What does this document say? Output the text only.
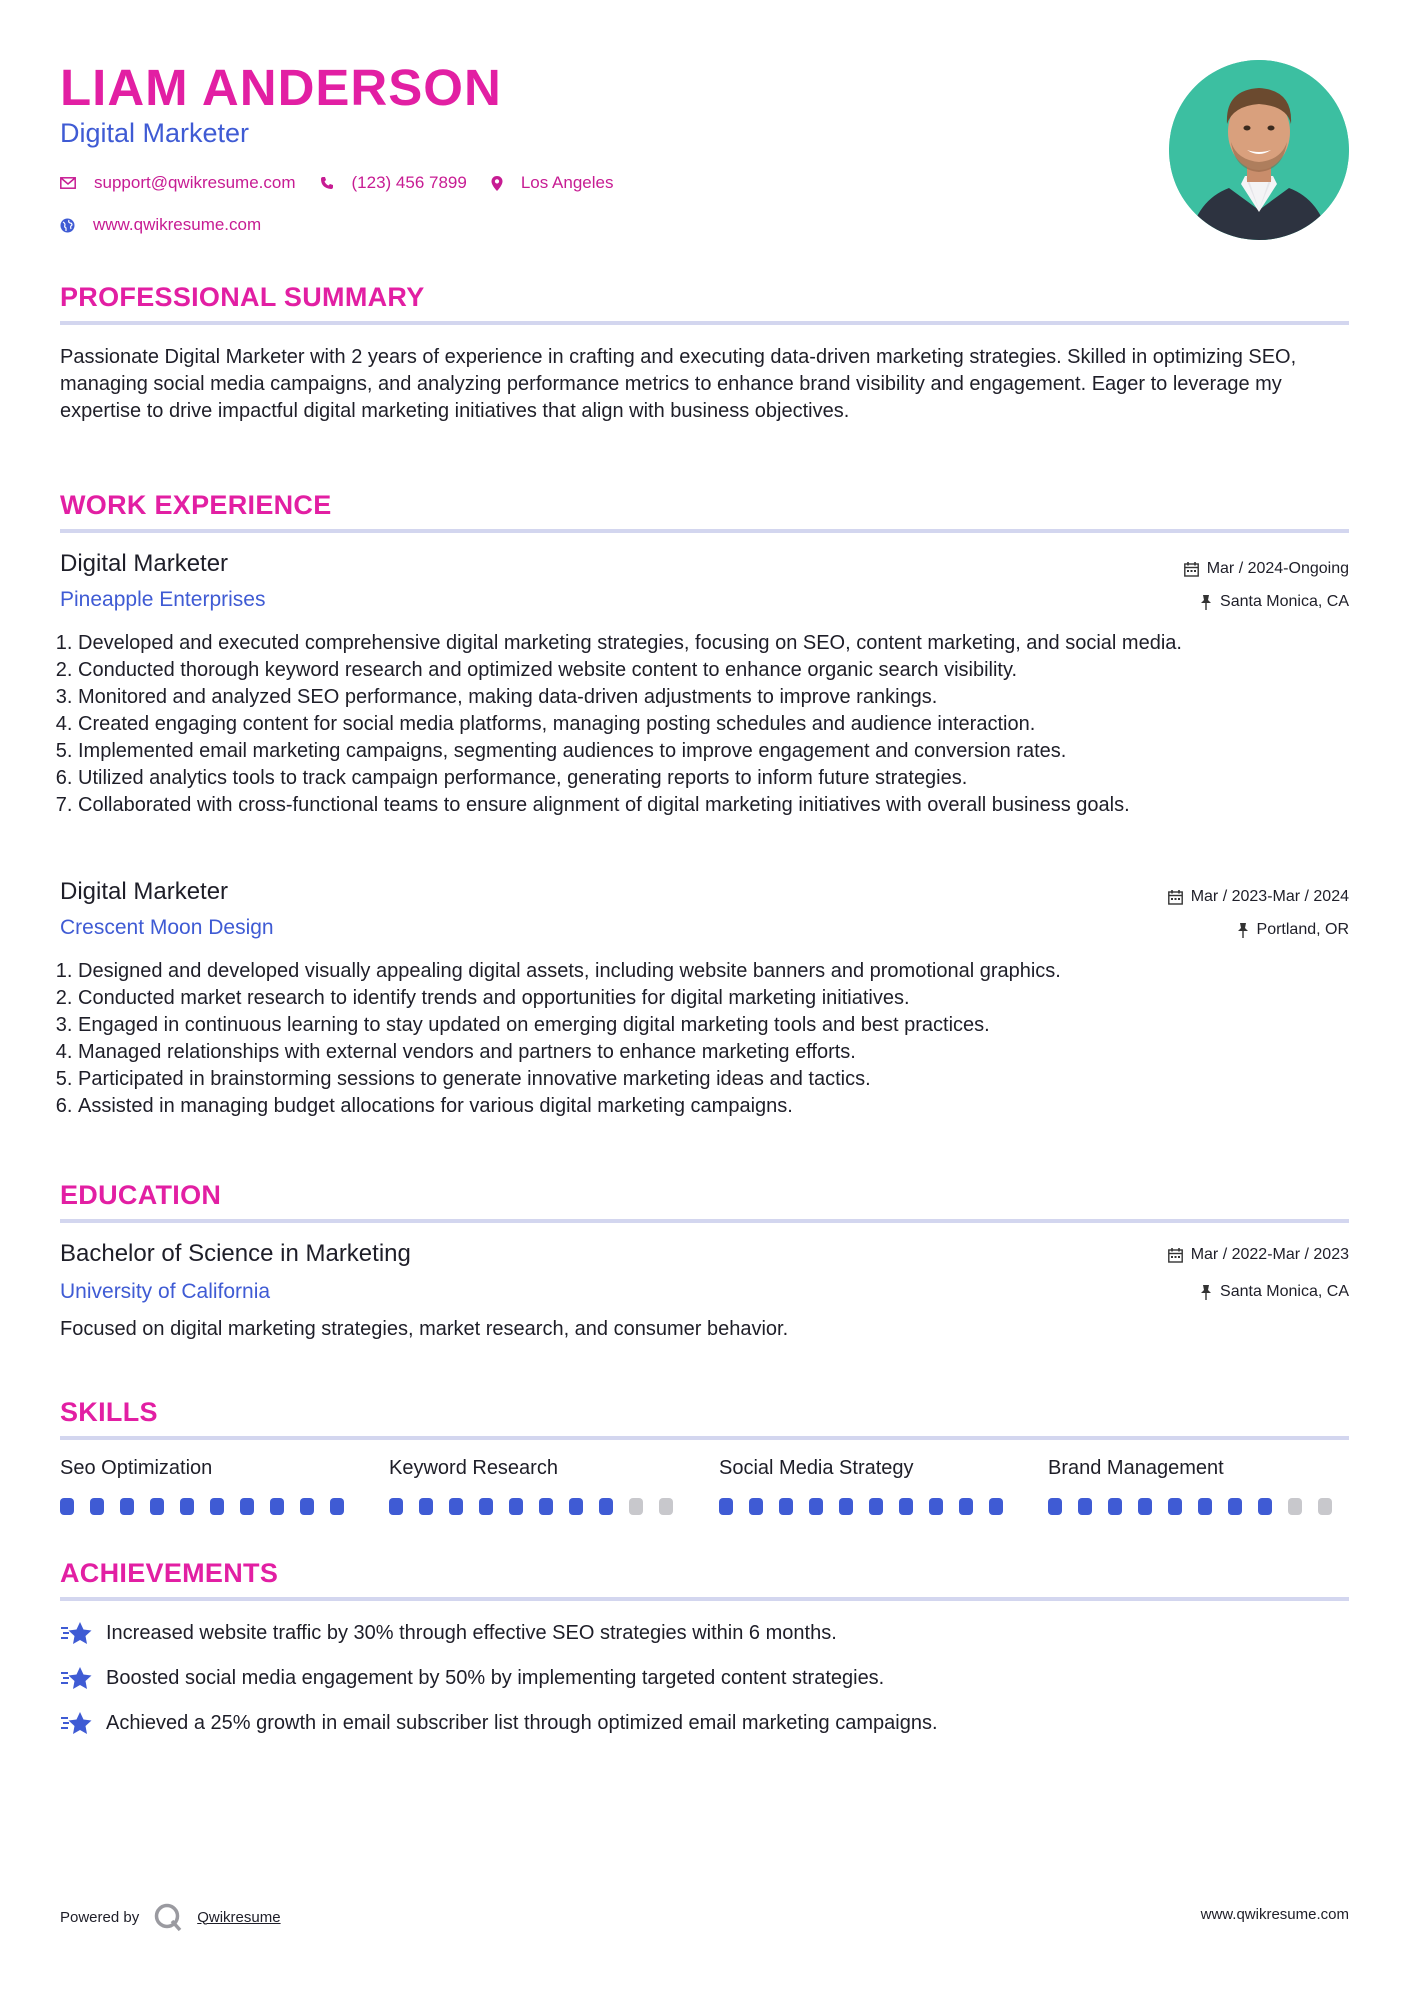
LIAM ANDERSON
Digital Marketer
support@qwikresume.com	(123) 456 7899	Los Angeles
www.qwikresume.com
PROFESSIONAL SUMMARY
Passionate Digital Marketer with 2 years of experience in crafting and executing data-driven marketing strategies. Skilled in optimizing SEO, managing social media campaigns, and analyzing performance metrics to enhance brand visibility and engagement. Eager to leverage my expertise to drive impactful digital marketing initiatives that align with business objectives.
WORK EXPERIENCE
Digital Marketer	Mar / 2024-Ongoing
Pineapple Enterprises	Santa Monica, CA
1. Developed and executed comprehensive digital marketing strategies, focusing on SEO, content marketing, and social media.
2. Conducted thorough keyword research and optimized website content to enhance organic search visibility.
3. Monitored and analyzed SEO performance, making data-driven adjustments to improve rankings.
4. Created engaging content for social media platforms, managing posting schedules and audience interaction.
5. Implemented email marketing campaigns, segmenting audiences to improve engagement and conversion rates.
6. Utilized analytics tools to track campaign performance, generating reports to inform future strategies.
7. Collaborated with cross-functional teams to ensure alignment of digital marketing initiatives with overall business goals.
Digital Marketer	Mar / 2023-Mar / 2024
Crescent Moon Design	Portland, OR
1. Designed and developed visually appealing digital assets, including website banners and promotional graphics.
2. Conducted market research to identify trends and opportunities for digital marketing initiatives.
3. Engaged in continuous learning to stay updated on emerging digital marketing tools and best practices.
4. Managed relationships with external vendors and partners to enhance marketing efforts.
5. Participated in brainstorming sessions to generate innovative marketing ideas and tactics.
6. Assisted in managing budget allocations for various digital marketing campaigns.
EDUCATION
Bachelor of Science in Marketing	Mar / 2022-Mar / 2023
University of California	Santa Monica, CA
Focused on digital marketing strategies, market research, and consumer behavior.
SKILLS
Seo Optimization	Keyword Research	Social Media Strategy	Brand Management
ACHIEVEMENTS
Increased website traffic by 30% through effective SEO strategies within 6 months.
Boosted social media engagement by 50% by implementing targeted content strategies.
Achieved a 25% growth in email subscriber list through optimized email marketing campaigns.
Powered by	Qwikresume	www.qwikresume.com
